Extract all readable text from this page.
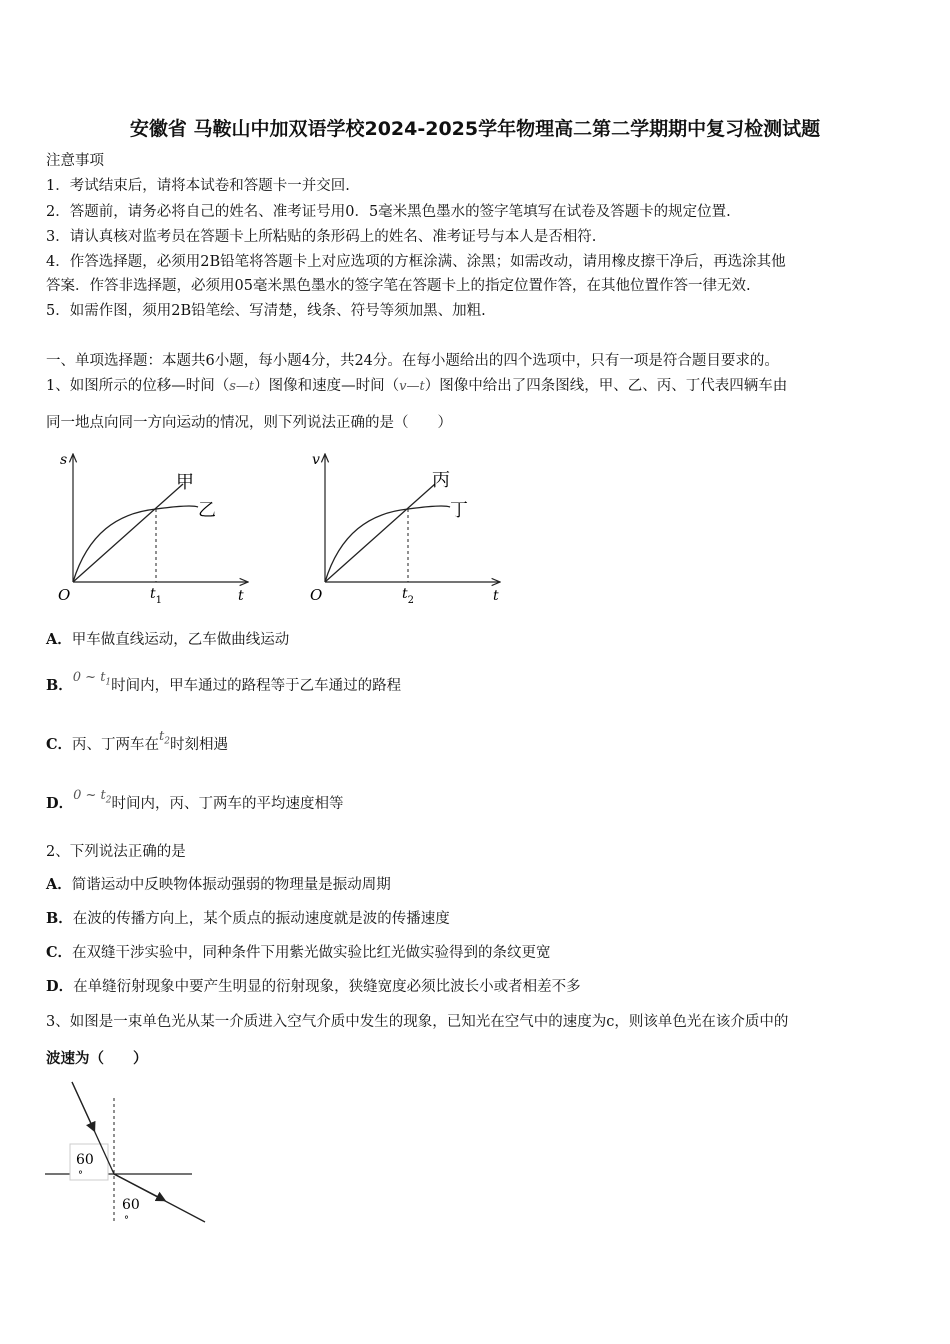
安徽省 马鞍山中加双语学校2024-2025学年物理高二第二学期期中复习检测试题
注意事项
1．考试结束后，请将本试卷和答题卡一并交回.
2．答题前，请务必将自己的姓名、准考证号用0．5毫米黑色墨水的签字笔填写在试卷及答题卡的规定位置.
3．请认真核对监考员在答题卡上所粘贴的条形码上的姓名、准考证号与本人是否相符.
4．作答选择题，必须用2B铅笔将答题卡上对应选项的方框涂满、涂黑；如需改动，请用橡皮擦干净后，再选涂其他
答案．作答非选择题，必须用05毫米黑色墨水的签字笔在答题卡上的指定位置作答，在其他位置作答一律无效.
5．如需作图，须用2B铅笔绘、写清楚，线条、符号等须加黑、加粗.
一、单项选择题：本题共6小题，每小题4分，共24分。在每小题给出的四个选项中，只有一项是符合题目要求的。
1、如图所示的位移—时间（s—t）图像和速度—时间（v—t）图像中给出了四条图线，甲、乙、丙、丁代表四辆车由
同一地点向同一方向运动的情况，则下列说法正确的是（　　）
s
t
O	$t_1$
甲
乙
v
t
O	$t_2$
丙
丁
A．甲车做直线运动，乙车做曲线运动
B．0 ~ $t_1$时间内，甲车通过的路程等于乙车通过的路程
C．丙、丁两车在$t_2$时刻相遇
D．0 ~ $t_2$时间内，丙、丁两车的平均速度相等
2、下列说法正确的是
A．简谐运动中反映物体振动强弱的物理量是振动周期
B．在波的传播方向上，某个质点的振动速度就是波的传播速度
C．在双缝干涉实验中，同种条件下用紫光做实验比红光做实验得到的条纹更宽
D．在单缝衍射现象中要产生明显的衍射现象，狭缝宽度必须比波长小或者相差不多
3、如图是一束单色光从某一介质进入空气介质中发生的现象，已知光在空气中的速度为c，则该单色光在该介质中的
波速为（　　）
60
°
60
°
